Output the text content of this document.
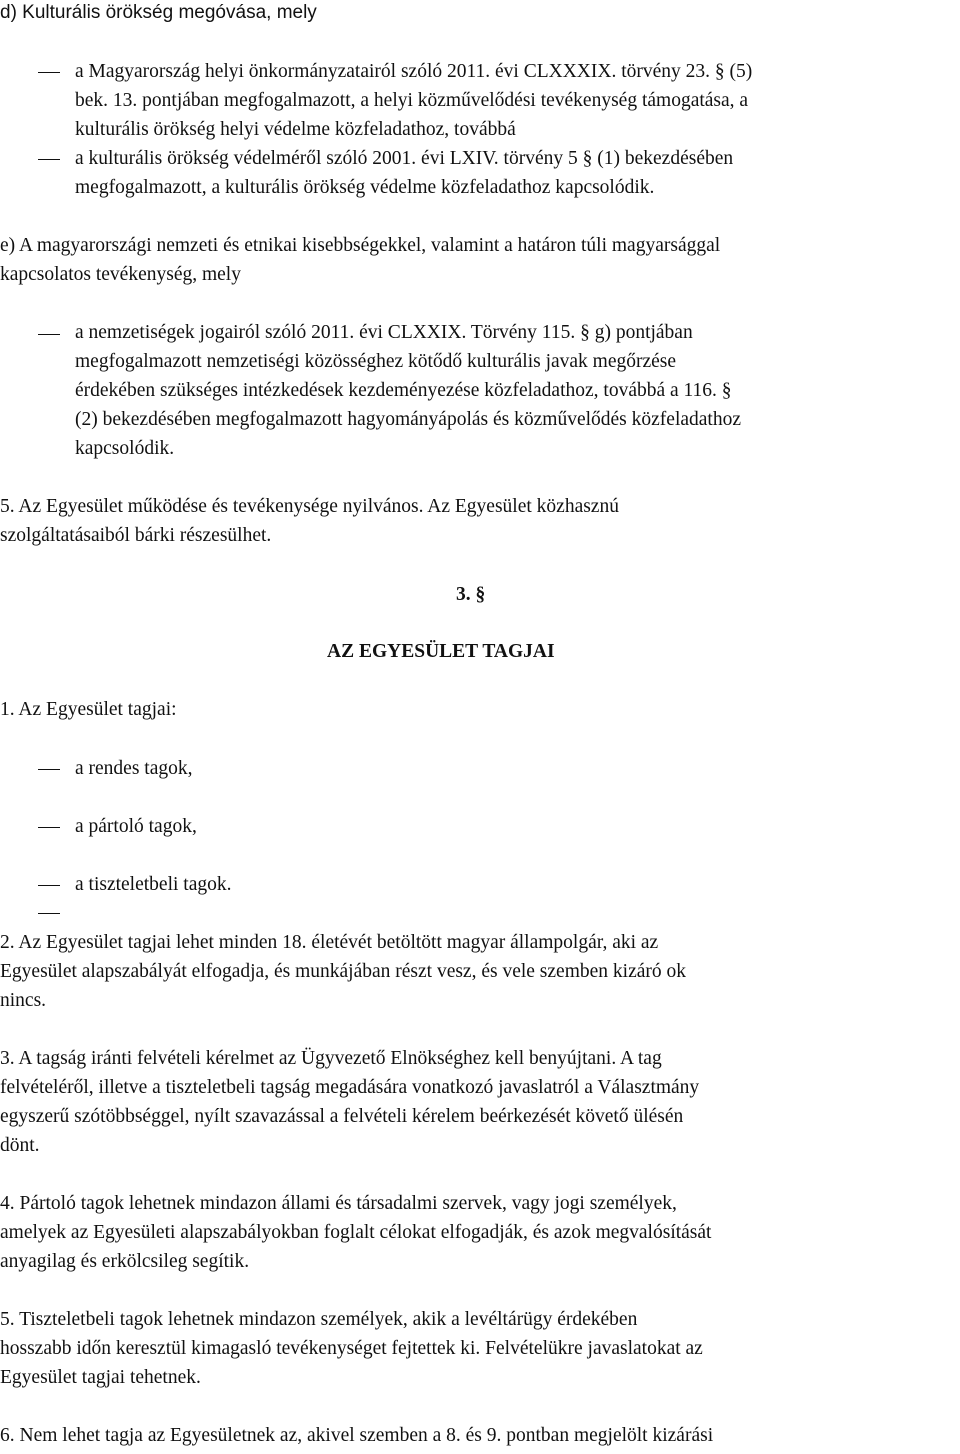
d) Kulturális örökség megóvása, mely
a Magyarország helyi önkormányzatairól szóló 2011. évi CLXXXIX. törvény 23. § (5)
bek. 13. pontjában megfogalmazott, a helyi közművelődési tevékenység támogatása, a
kulturális örökség helyi védelme közfeladathoz, továbbá
a kulturális örökség védelméről szóló 2001. évi LXIV. törvény 5 § (1) bekezdésében
megfogalmazott, a kulturális örökség védelme közfeladathoz kapcsolódik.
e) A magyarországi nemzeti és etnikai kisebbségekkel, valamint a határon túli magyarsággal
kapcsolatos tevékenység, mely
a nemzetiségek jogairól szóló 2011. évi CLXXIX. Törvény 115. § g) pontjában
megfogalmazott nemzetiségi közösséghez kötődő kulturális javak megőrzése
érdekében szükséges intézkedések kezdeményezése közfeladathoz, továbbá a 116. §
(2) bekezdésében megfogalmazott hagyományápolás és közművelődés közfeladathoz
kapcsolódik.
5. Az Egyesület működése és tevékenysége nyilvános. Az Egyesület közhasznú
szolgáltatásaiból bárki részesülhet.
3. §
AZ EGYESÜLET TAGJAI
1. Az Egyesület tagjai:
a rendes tagok,
a pártoló tagok,
a tiszteletbeli tagok.
2. Az Egyesület tagjai lehet minden 18. életévét betöltött magyar állampolgár, aki az
Egyesület alapszabályát elfogadja, és munkájában részt vesz, és vele szemben kizáró ok
nincs.
3. A tagság iránti felvételi kérelmet az Ügyvezető Elnökséghez kell benyújtani. A tag
felvételéről, illetve a tiszteletbeli tagság megadására vonatkozó javaslatról a Választmány
egyszerű szótöbbséggel, nyílt szavazással a felvételi kérelem beérkezését követő ülésén
dönt.
4. Pártoló tagok lehetnek mindazon állami és társadalmi szervek, vagy jogi személyek,
amelyek az Egyesületi alapszabályokban foglalt célokat elfogadják, és azok megvalósítását
anyagilag és erkölcsileg segítik.
5. Tiszteletbeli tagok lehetnek mindazon személyek, akik a levéltárügy érdekében
hosszabb időn keresztül kimagasló tevékenységet fejtettek ki. Felvételükre javaslatokat az
Egyesület tagjai tehetnek.
6. Nem lehet tagja az Egyesületnek az, akivel szemben a 8. és 9. pontban megjelölt kizárási
